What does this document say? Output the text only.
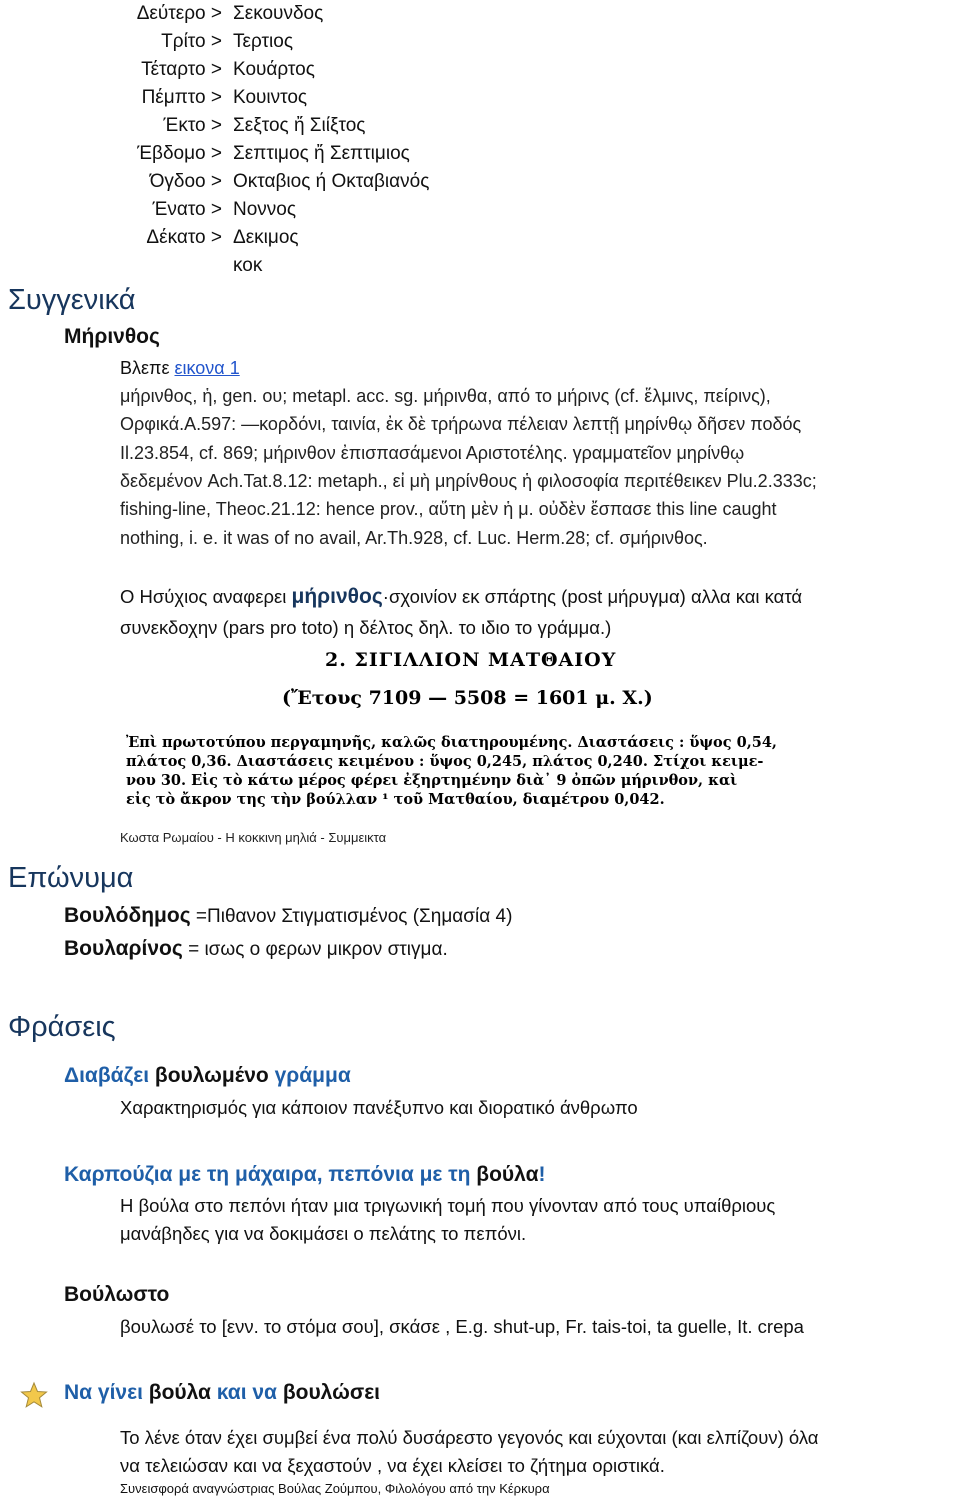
Δεύτερο > Σεκουνδος
Τρίτο > Τερτιος
Τέταρτο > Κουάρτος
Πέμπτο > Κουιντος
Έκτο > Σεξτος ἤ Σιίξτος
Έβδομο > Σεπτιμος ἤ Σεπτιμιος
Όγδοο > Οκταβιος ή Οκταβιανός
Ένατο > Νοννος
Δέκατο > Δεκιμος
κοκ
Συγγενικά
Μήρινθος
Βλεπε εικονα 1
μήρινθος, ἡ, gen. ου; metapl. acc. sg. μήρινθα, από το μήρινς (cf. ἕλμινς, πείρινς),
Ορφικά.Α.597: —κορδόνι, ταινία, ἐκ δὲ τρήρωνα πέλειαν λεπτῇ μηρίνθῳ δῆσεν ποδός
Il.23.854, cf. 869; μήρινθον ἐπισπασάμενοι Αριστοτέλης. γραμματεῖον μηρίνθῳ
δεδεμένον Ach.Tat.8.12: metaph., εἰ μὴ μηρίνθους ἡ φιλοσοφία περιτέθεικεν Plu.2.333c;
fishing-line, Theoc.21.12: hence prov., αὕτη μὲν ἡ μ. οὐδὲν ἔσπασε this line caught
nothing, i. e. it was of no avail, Ar.Th.928, cf. Luc. Herm.28; cf. σμήρινθος.
Ο Ησύχιος αναφερει μήρινθος·σχοινίον εκ σπάρτης (post μήρυγμα) αλλα και κατά
συνεκδοχην (pars pro toto) η δέλτος δηλ. το ιδιο το γράμμα.)
2. ΣΙΓΙΛΛΙΟΝ ΜΑΤΘΑΙΟΥ
(Ἔτους 7109 — 5508 = 1601 μ. Χ.)
Ἐπὶ πρωτοτύπου περγαμηνῆς, καλῶς διατηρουμένης. Διαστάσεις : ὕψος 0,54,
πλάτος 0,36. Διαστάσεις κειμένου : ὕψος 0,245, πλάτος 0,240. Στίχοι κειμε-
νου 30. Εἰς τὸ κάτω μέρος φέρει ἐξηρτημένην διὰ᾽ 9 ὀπῶν μήρινθον, καὶ
εἰς τὸ ἄκρον της τὴν βούλλαν ¹ τοῦ Ματθαίου, διαμέτρου 0,042.
Κωστα Ρωμαίου - Η κοκκινη μηλιά - Συμμεικτα
Επώνυμα
Βουλόδημος =Πιθανον Στιγματισμένος (Σημασία 4)
Βουλαρίνος = ισως ο φερων μικρον στιγμα.
Φράσεις
Διαβάζει βουλωμένο γράμμα
Χαρακτηρισμός για κάποιον πανέξυπνο και διορατικό άνθρωπο
Καρπούζια με τη μάχαιρα, πεπόνια με τη βούλα!
Η βούλα στο πεπόνι ήταν μια τριγωνική τομή που γίνονταν από τους υπαίθριους
μανάβηδες για να δοκιμάσει ο πελάτης το πεπόνι.
Βούλωστο
βουλωσέ το [ενν. το στόμα σου], σκάσε , E.g. shut-up, Fr. tais-toi, ta guelle, It. crepa
Να γίνει βούλα και να βουλώσει
Το λένε όταν έχει συμβεί ένα πολύ δυσάρεστο γεγονός και εύχονται (και ελπίζουν) όλα
να τελειώσαν και να ξεχαστούν , να έχει κλείσει το ζήτημα οριστικά.
Συνεισφορά αναγνώστριας Βούλας Ζούμπου, Φιλολόγου από την Κέρκυρα
